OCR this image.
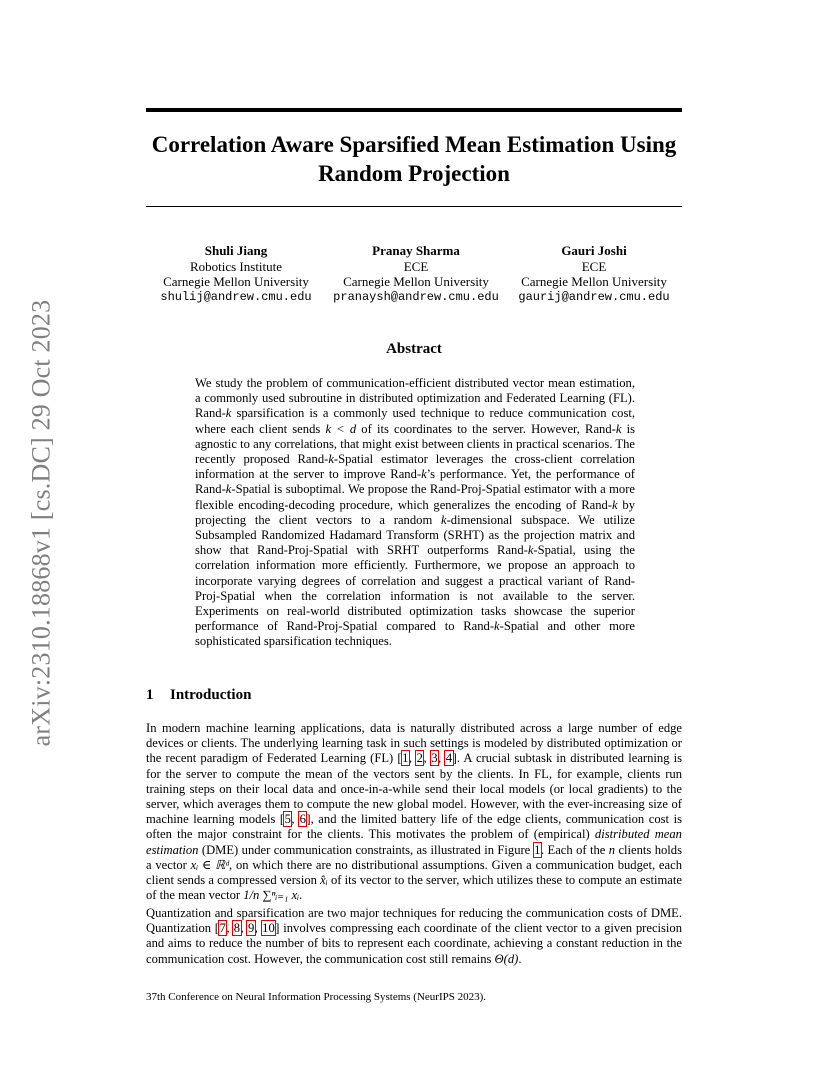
arXiv:2310.18868v1 [cs.DC] 29 Oct 2023
Correlation Aware Sparsified Mean Estimation Using
Random Projection
Shuli Jiang
Robotics Institute
Carnegie Mellon University
shulij@andrew.cmu.edu
Pranay Sharma
ECE
Carnegie Mellon University
pranaysh@andrew.cmu.edu
Gauri Joshi
ECE
Carnegie Mellon University
gaurij@andrew.cmu.edu
Abstract
We study the problem of communication-efficient distributed vector mean estimation, a commonly used subroutine in distributed optimization and Federated Learning (FL). Rand-k sparsification is a commonly used technique to reduce communication cost, where each client sends k < d of its coordinates to the server. However, Rand-k is agnostic to any correlations, that might exist between clients in practical scenarios. The recently proposed Rand-k-Spatial estimator leverages the cross-client correlation information at the server to improve Rand-k’s performance. Yet, the performance of Rand-k-Spatial is suboptimal. We propose the Rand-Proj-Spatial estimator with a more flexible encoding-decoding procedure, which generalizes the encoding of Rand-k by projecting the client vectors to a random k-dimensional subspace. We utilize Subsampled Randomized Hadamard Transform (SRHT) as the projection matrix and show that Rand-Proj-Spatial with SRHT outperforms Rand-k-Spatial, using the correlation information more efficiently. Furthermore, we propose an approach to incorporate varying degrees of correlation and suggest a practical variant of Rand-Proj-Spatial when the correlation information is not available to the server. Experiments on real-world distributed optimization tasks showcase the superior performance of Rand-Proj-Spatial compared to Rand-k-Spatial and other more sophisticated sparsification techniques.
1 Introduction
In modern machine learning applications, data is naturally distributed across a large number of edge devices or clients. The underlying learning task in such settings is modeled by distributed optimization or the recent paradigm of Federated Learning (FL) [1, 2, 3, 4]. A crucial subtask in distributed learning is for the server to compute the mean of the vectors sent by the clients. In FL, for example, clients run training steps on their local data and once-in-a-while send their local models (or local gradients) to the server, which averages them to compute the new global model. However, with the ever-increasing size of machine learning models [5, 6], and the limited battery life of the edge clients, communication cost is often the major constraint for the clients. This motivates the problem of (empirical) distributed mean estimation (DME) under communication constraints, as illustrated in Figure 1. Each of the n clients holds a vector xᵢ ∈ ℝᵈ, on which there are no distributional assumptions. Given a communication budget, each client sends a compressed version x̂ᵢ of its vector to the server, which utilizes these to compute an estimate of the mean vector 1/n ∑ⁿᵢ₌₁ xᵢ.
Quantization and sparsification are two major techniques for reducing the communication costs of DME. Quantization [7, 8, 9, 10] involves compressing each coordinate of the client vector to a given precision and aims to reduce the number of bits to represent each coordinate, achieving a constant reduction in the communication cost. However, the communication cost still remains Θ(d).
37th Conference on Neural Information Processing Systems (NeurIPS 2023).
